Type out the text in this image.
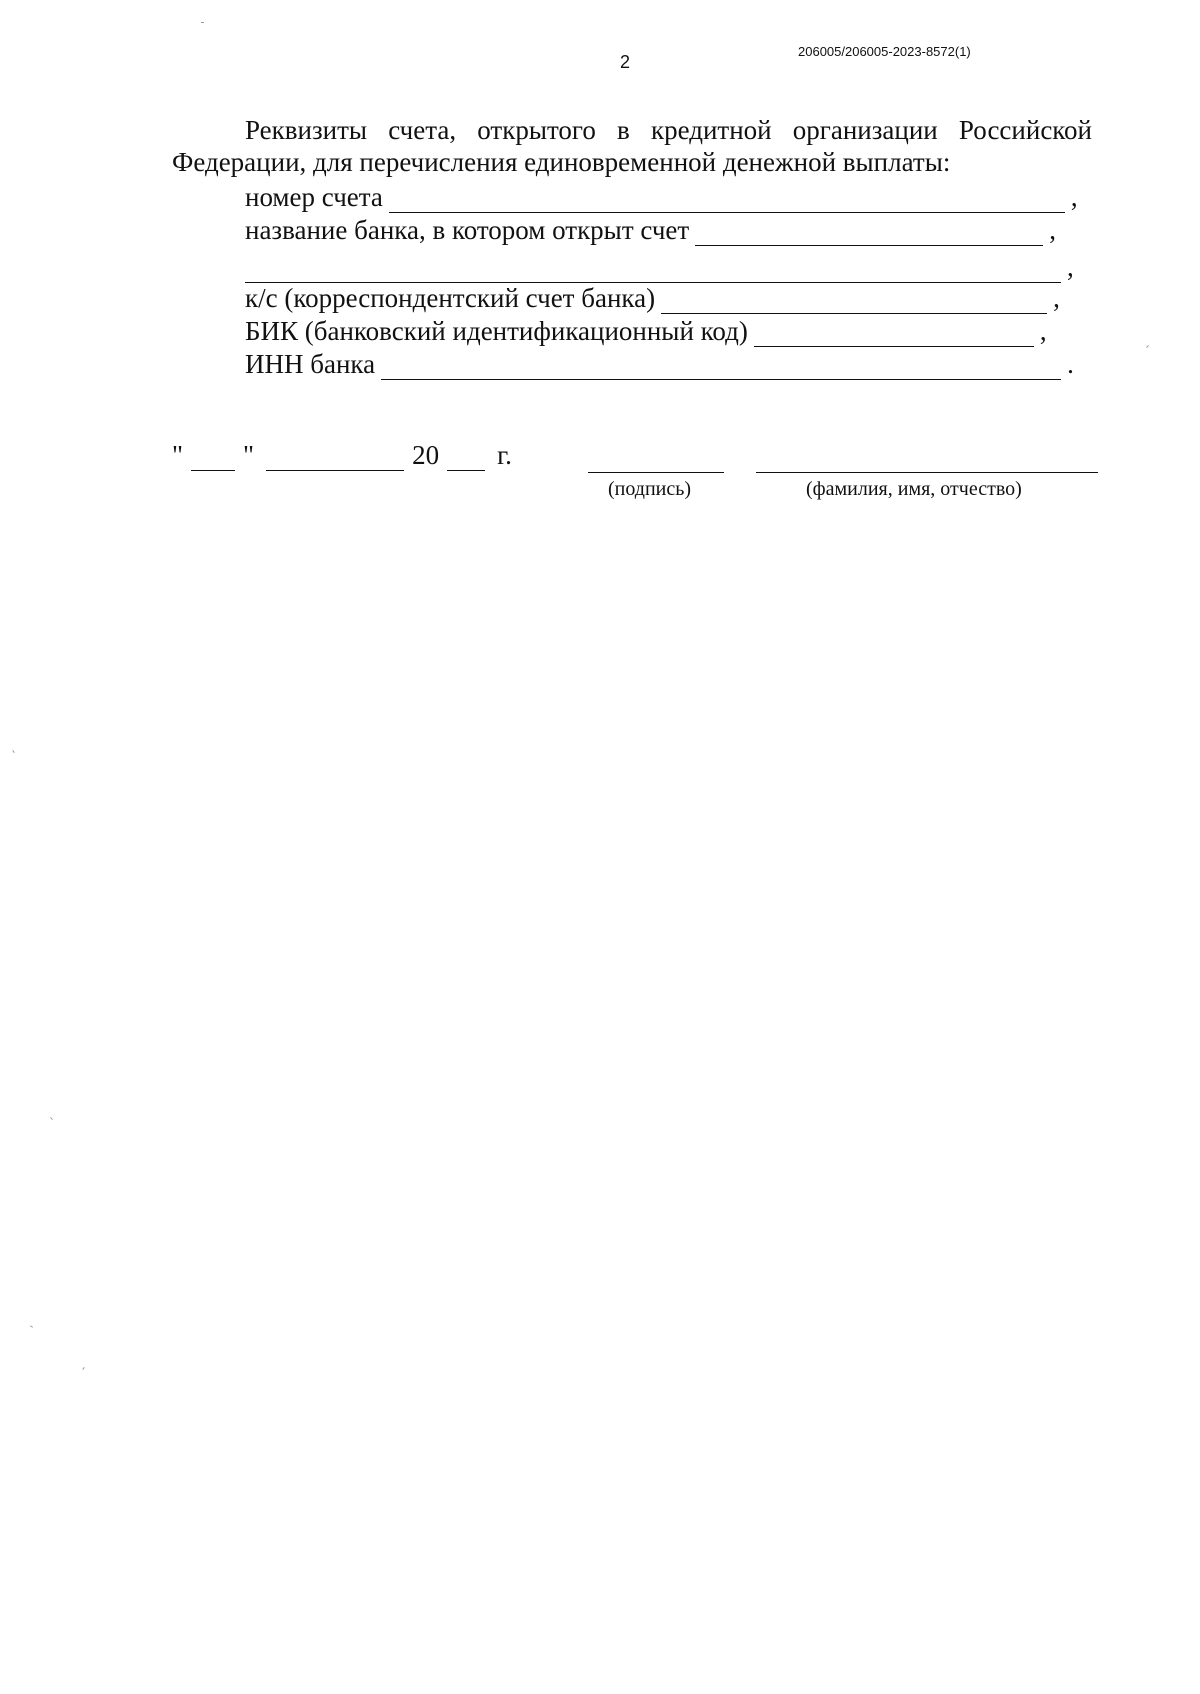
2
206005/206005-2023-8572(1)
Реквизиты счета, открытого в кредитной организации Российской
Федерации, для перечисления единовременной денежной выплаты:
номер счета	,
название банка, в котором открыт счет	,
,
к/с (корреспондентский счет банка)	,
БИК (банковский идентификационный код)	,
ИНН банка	.
" "	20 г.
(подпись)	(фамилия, имя, отчество)
